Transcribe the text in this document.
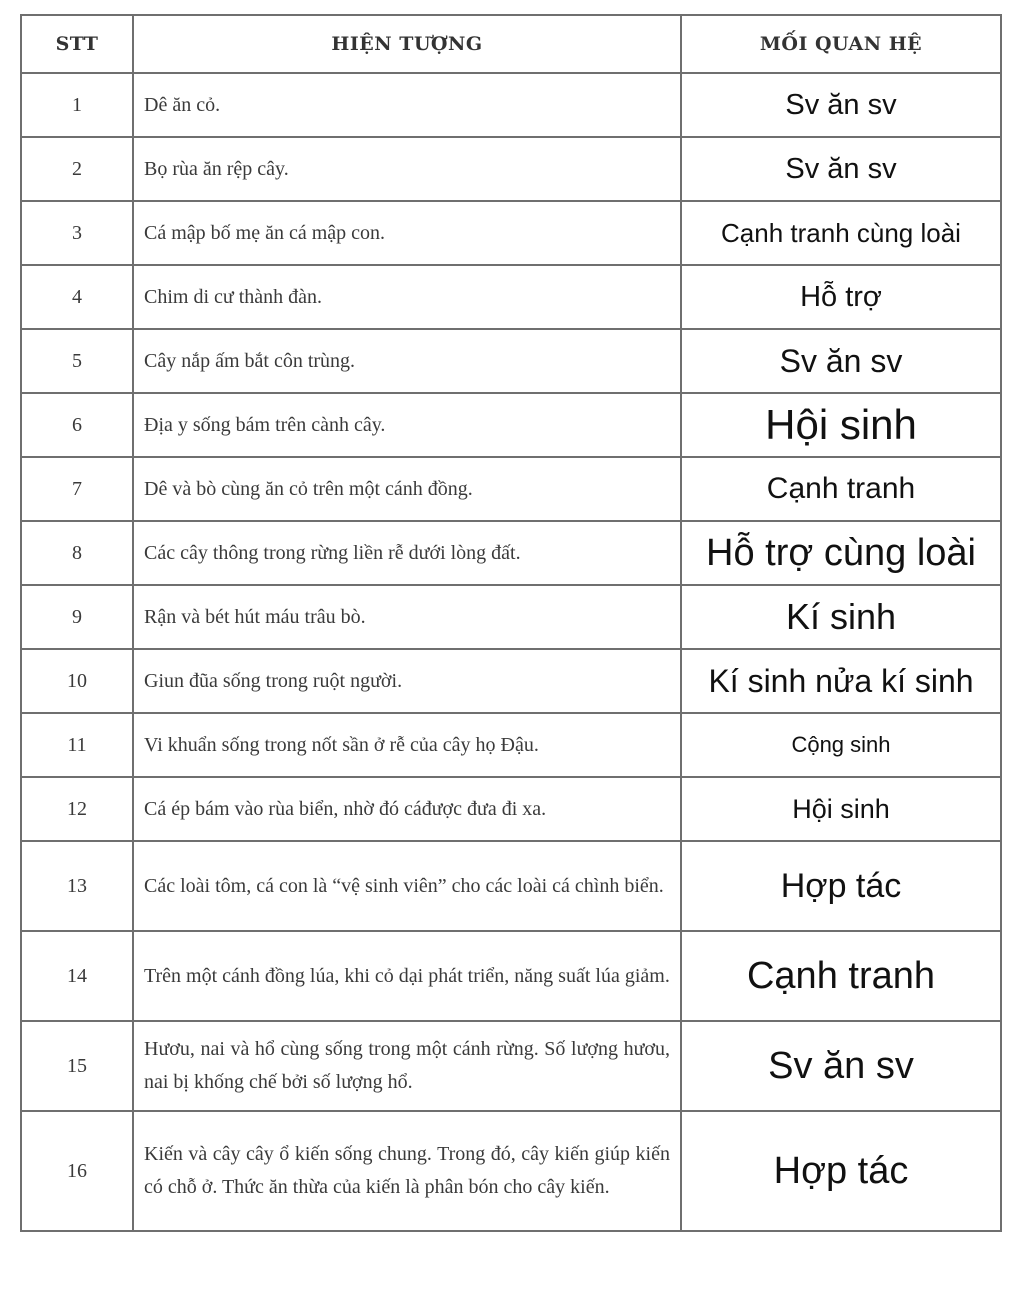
STT	HIỆN TƯỢNG	MỐI QUAN HỆ
1	Dê ăn cỏ.	Sv ăn sv
2	Bọ rùa ăn rệp cây.	Sv ăn sv
3	Cá mập bố mẹ ăn cá mập con.	Cạnh tranh cùng loài
4	Chim di cư thành đàn.	Hỗ trợ
5	Cây nắp ấm bắt côn trùng.	Sv ăn sv
6	Địa y sống bám trên cành cây.	Hội sinh
7	Dê và bò cùng ăn cỏ trên một cánh đồng.	Cạnh tranh
8	Các cây thông trong rừng liền rễ dưới lòng đất.	Hỗ trợ cùng loài
9	Rận và bét hút máu trâu bò.	Kí sinh
10	Giun đũa sống trong ruột người.	Kí sinh nửa kí sinh
11	Vi khuẩn sống trong nốt sần ở rễ của cây họ Đậu.	Cộng sinh
12	Cá ép bám vào rùa biển, nhờ đó cáđược đưa đi xa.	Hội sinh
13	Các loài tôm, cá con là “vệ sinh viên” cho các loài cá chình biển.	Hợp tác
14	Trên một cánh đồng lúa, khi cỏ dại phát triển, năng suất lúa giảm.	Cạnh tranh
15	Hươu, nai và hổ cùng sống trong một cánh rừng. Số lượng hươu, nai bị khống chế bởi số lượng hổ.	Sv ăn sv
16	Kiến và cây cây ổ kiến sống chung. Trong đó, cây kiến giúp kiến có chỗ ở. Thức ăn thừa của kiến là phân bón cho cây kiến.	Hợp tác
